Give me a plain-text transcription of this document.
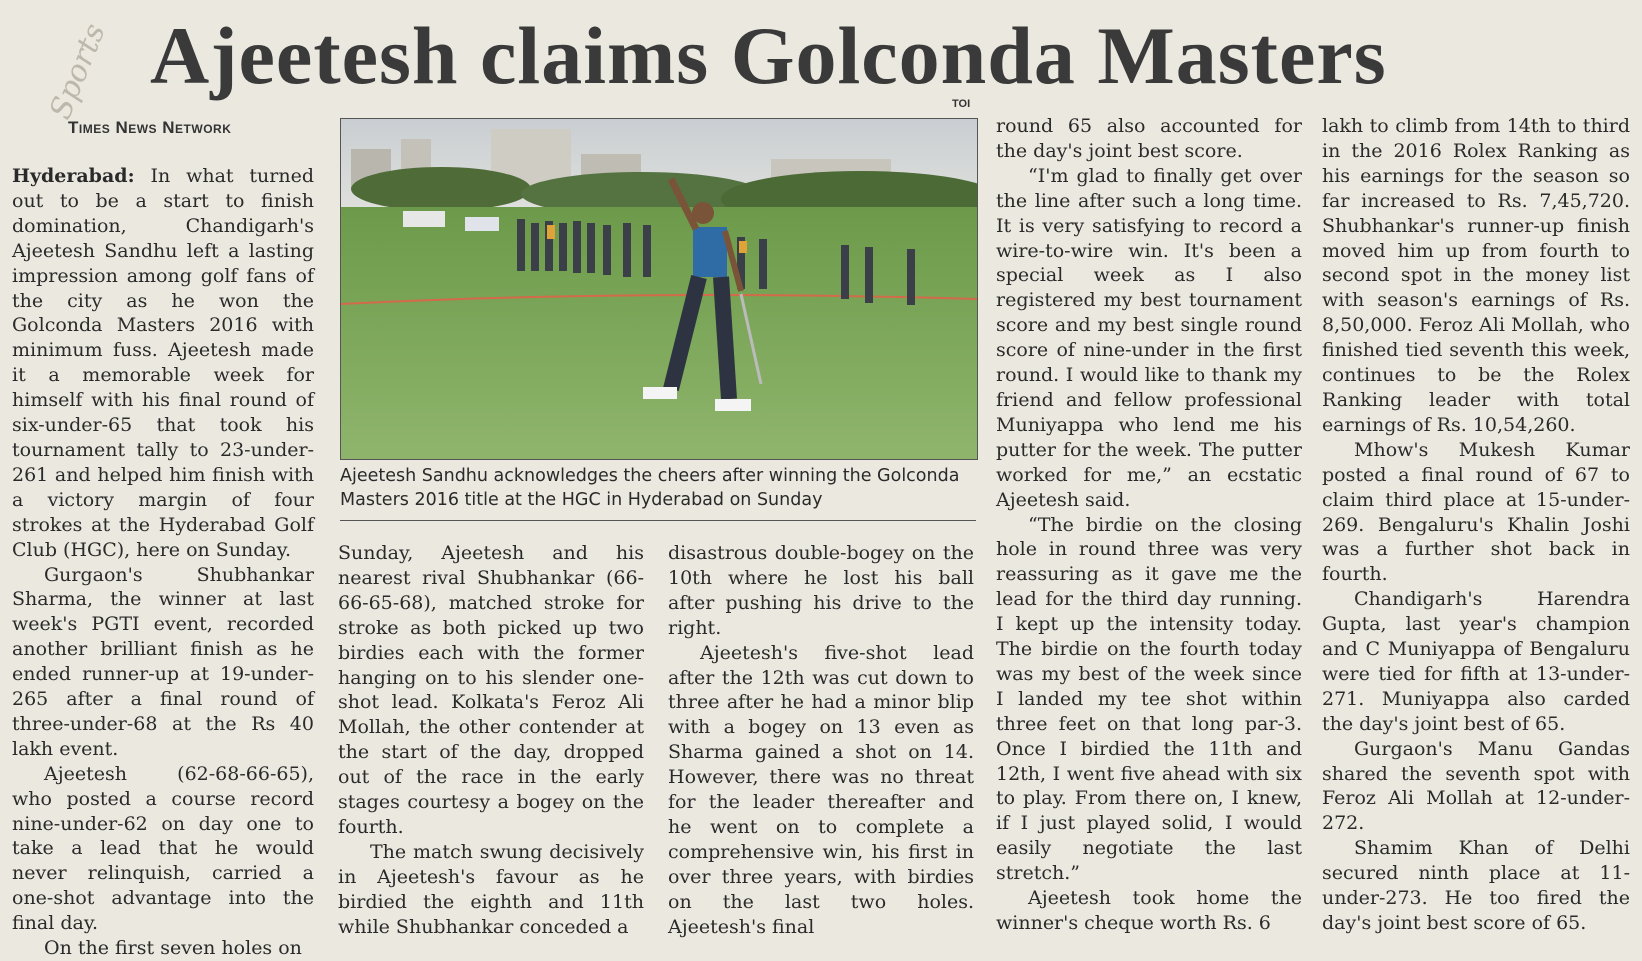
Sports Ajeetesh claims Golconda Masters
Times News Network
TOI

Hyderabad: In what turned out to be a start to finish domination, Chandigarh's Ajeetesh Sandhu left a lasting impression among golf fans of the city as he won the Golconda Masters 2016 with minimum fuss. Ajeetesh made it a memorable week for himself with his final round of six-under-65 that took his tournament tally to 23-under-261 and helped him finish with a victory margin of four strokes at the Hyderabad Golf Club (HGC), here on Sunday.

Gurgaon's Shubhankar Sharma, the winner at last week's PGTI event, recorded another brilliant finish as he ended runner-up at 19-under-265 after a final round of three-under-68 at the Rs 40 lakh event.

Ajeetesh (62-68-66-65), who posted a course record nine-under-62 on day one to take a lead that he would never relinquish, carried a one-shot advantage into the final day.

On the first seven holes on

Ajeetesh Sandhu acknowledges the cheers after winning the Golconda Masters 2016 title at the HGC in Hyderabad on Sunday

Sunday, Ajeetesh and his nearest rival Shubhankar (66-66-65-68), matched stroke for stroke as both picked up two birdies each with the former hanging on to his slender one-shot lead. Kolkata's Feroz Ali Mollah, the other contender at the start of the day, dropped out of the race in the early stages courtesy a bogey on the fourth.

The match swung decisively in Ajeetesh's favour as he birdied the eighth and 11th while Shubhankar conceded a

disastrous double-bogey on the 10th where he lost his ball after pushing his drive to the right.

Ajeetesh's five-shot lead after the 12th was cut down to three after he had a minor blip with a bogey on 13 even as Sharma gained a shot on 14. However, there was no threat for the leader thereafter and he went on to complete a comprehensive win, his first in over three years, with birdies on the last two holes. Ajeetesh's final

round 65 also accounted for the day's joint best score.

“I'm glad to finally get over the line after such a long time. It is very satisfying to record a wire-to-wire win. It's been a special week as I also registered my best tournament score and my best single round score of nine-under in the first round. I would like to thank my friend and fellow professional Muniyappa who lend me his putter for the week. The putter worked for me,” an ecstatic Ajeetesh said.

“The birdie on the closing hole in round three was very reassuring as it gave me the lead for the third day running. I kept up the intensity today. The birdie on the fourth today was my best of the week since I landed my tee shot within three feet on that long par-3. Once I birdied the 11th and 12th, I went five ahead with six to play. From there on, I knew, if I just played solid, I would easily negotiate the last stretch.”

Ajeetesh took home the winner's cheque worth Rs. 6

lakh to climb from 14th to third in the 2016 Rolex Ranking as his earnings for the season so far increased to Rs. 7,45,720. Shubhankar's runner-up finish moved him up from fourth to second spot in the money list with season's earnings of Rs. 8,50,000. Feroz Ali Mollah, who finished tied seventh this week, continues to be the Rolex Ranking leader with total earnings of Rs. 10,54,260.

Mhow's Mukesh Kumar posted a final round of 67 to claim third place at 15-under-269. Bengaluru's Khalin Joshi was a further shot back in fourth.

Chandigarh's Harendra Gupta, last year's champion and C Muniyappa of Bengaluru were tied for fifth at 13-under-271. Muniyappa also carded the day's joint best of 65.

Gurgaon's Manu Gandas shared the seventh spot with Feroz Ali Mollah at 12-under-272.

Shamim Khan of Delhi secured ninth place at 11-under-273. He too fired the day's joint best score of 65.
